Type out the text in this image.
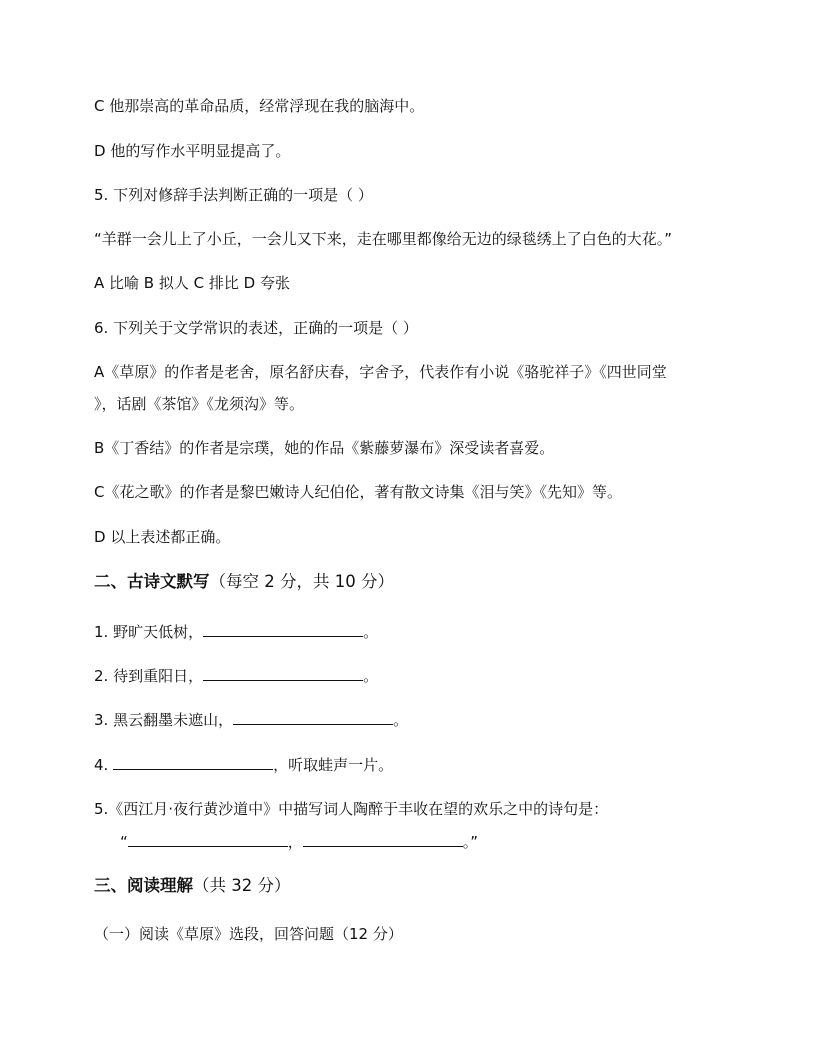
C 他那崇高的革命品质，经常浮现在我的脑海中。
D 他的写作水平明显提高了。
5. 下列对修辞手法判断正确的一项是（ ）
“羊群一会儿上了小丘，一会儿又下来，走在哪里都像给无边的绿毯绣上了白色的大花。”
A 比喻 B 拟人 C 排比 D 夸张
6. 下列关于文学常识的表述，正确的一项是（ ）
A《草原》的作者是老舍，原名舒庆春，字舍予，代表作有小说《骆驼祥子》《四世同堂
》，话剧《茶馆》《龙须沟》等。
B《丁香结》的作者是宗璞，她的作品《紫藤萝瀑布》深受读者喜爱。
C《花之歌》的作者是黎巴嫩诗人纪伯伦，著有散文诗集《泪与笑》《先知》等。
D 以上表述都正确。
二、古诗文默写（每空 2 分，共 10 分）
1. 野旷天低树，	。
2. 待到重阳日，	。
3. 黑云翻墨未遮山，	。
4.	，听取蛙声一片。
5.《西江月·夜行黄沙道中》中描写词人陶醉于丰收在望的欢乐之中的诗句是：
“	，	。”
三、阅读理解（共 32 分）
（一）阅读《草原》选段，回答问题（12 分）
